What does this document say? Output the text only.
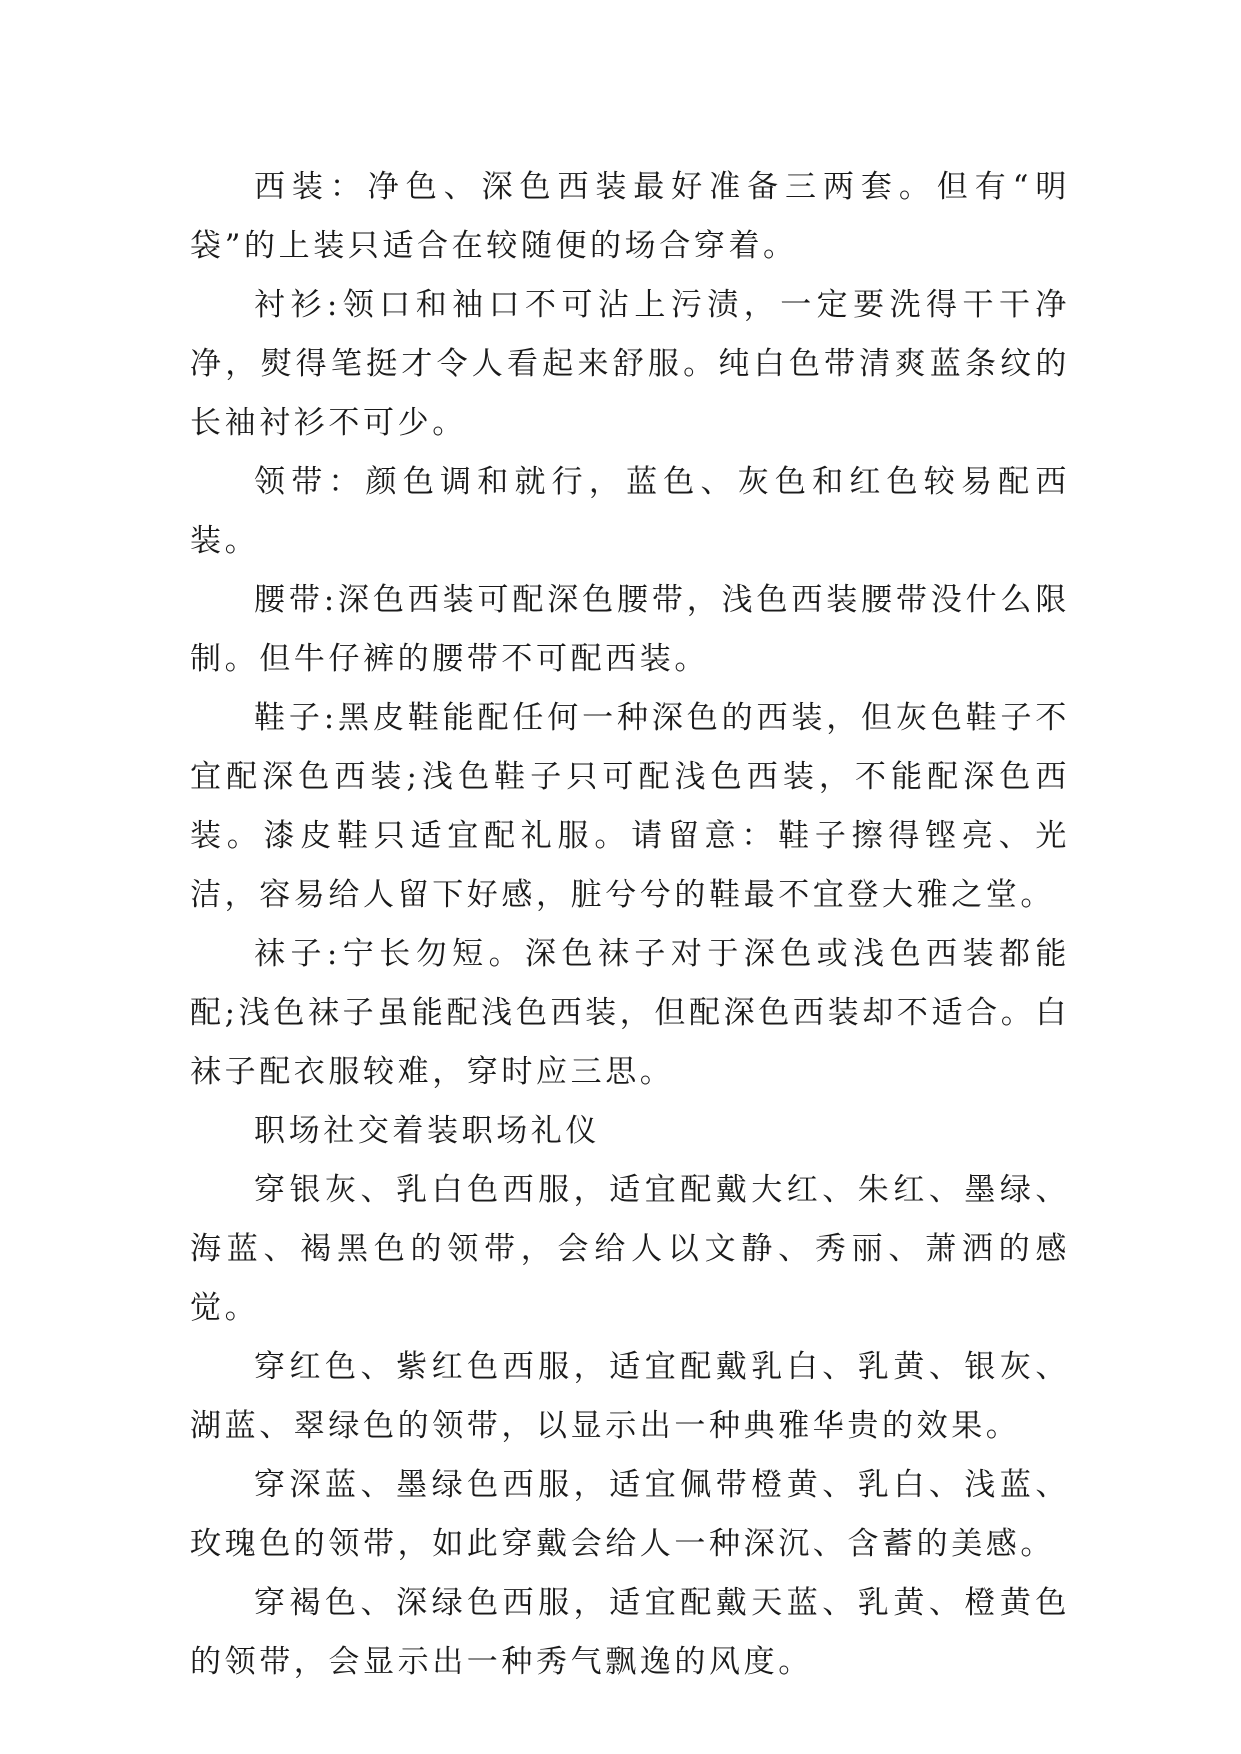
西装：净色、深色西装最好准备三两套。但有“明袋”的上装只适合在较随便的场合穿着。

衬衫:领口和袖口不可沾上污渍，一定要洗得干干净净，熨得笔挺才令人看起来舒服。纯白色带清爽蓝条纹的长袖衬衫不可少。

领带：颜色调和就行，蓝色、灰色和红色较易配西装。

腰带:深色西装可配深色腰带，浅色西装腰带没什么限制。但牛仔裤的腰带不可配西装。

鞋子:黑皮鞋能配任何一种深色的西装，但灰色鞋子不宜配深色西装;浅色鞋子只可配浅色西装，不能配深色西装。漆皮鞋只适宜配礼服。请留意：鞋子擦得铿亮、光洁，容易给人留下好感，脏兮兮的鞋最不宜登大雅之堂。

袜子:宁长勿短。深色袜子对于深色或浅色西装都能配;浅色袜子虽能配浅色西装，但配深色西装却不适合。白袜子配衣服较难，穿时应三思。

职场社交着装职场礼仪

穿银灰、乳白色西服，适宜配戴大红、朱红、墨绿、海蓝、褐黑色的领带，会给人以文静、秀丽、萧洒的感觉。

穿红色、紫红色西服，适宜配戴乳白、乳黄、银灰、湖蓝、翠绿色的领带，以显示出一种典雅华贵的效果。

穿深蓝、墨绿色西服，适宜佩带橙黄、乳白、浅蓝、玫瑰色的领带，如此穿戴会给人一种深沉、含蓄的美感。

穿褐色、深绿色西服，适宜配戴天蓝、乳黄、橙黄色的领带，会显示出一种秀气飘逸的风度。
